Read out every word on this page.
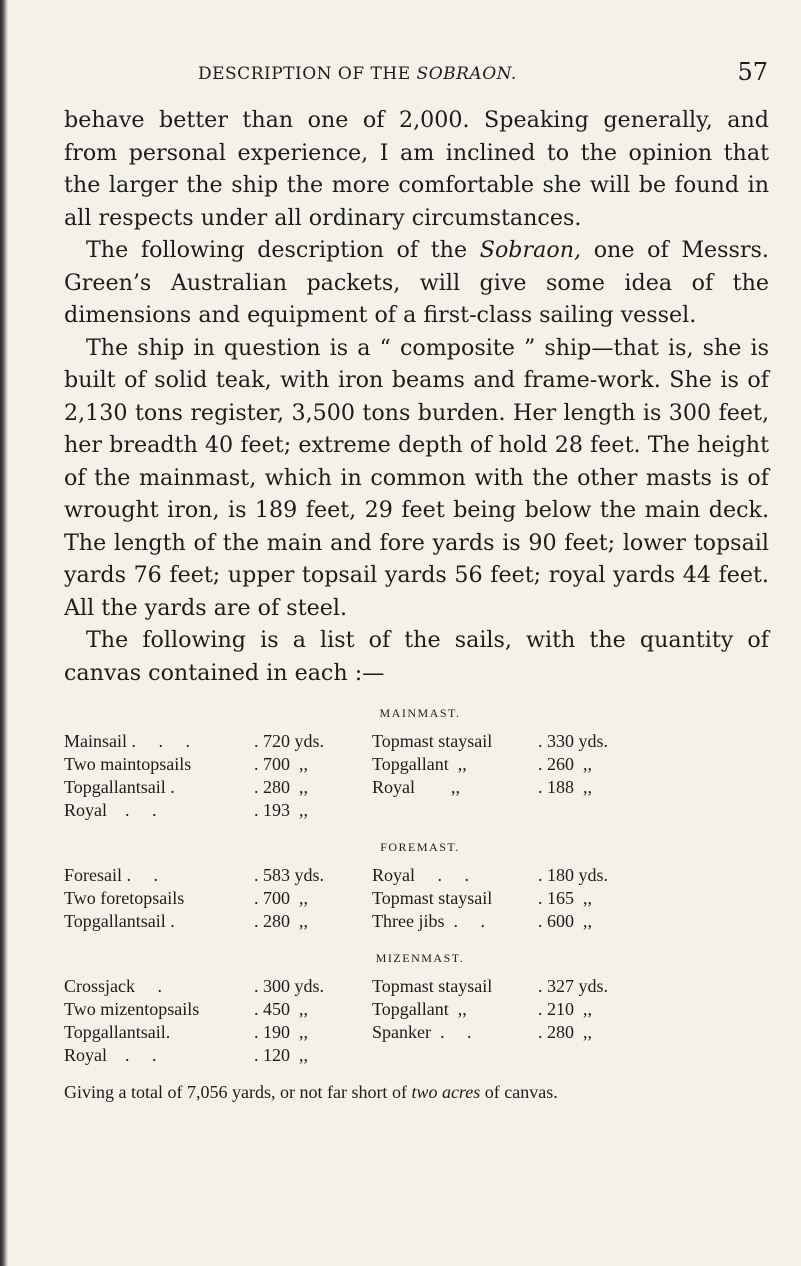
DESCRIPTION OF THE SOBRAON.	57

behave better than one of 2,000. Speaking generally, and from personal experience, I am inclined to the opinion that the larger the ship the more comfortable she will be found in all respects under all ordinary circumstances.

The following description of the Sobraon, one of Messrs. Green’s Australian packets, will give some idea of the dimensions and equipment of a first-class sailing vessel.

The ship in question is a “ composite ” ship—that is, she is built of solid teak, with iron beams and frame-work. She is of 2,130 tons register, 3,500 tons burden. Her length is 300 feet, her breadth 40 feet; extreme depth of hold 28 feet. The height of the mainmast, which in common with the other masts is of wrought iron, is 189 feet, 29 feet being below the main deck. The length of the main and fore yards is 90 feet; lower topsail yards 76 feet; upper topsail yards 56 feet; royal yards 44 feet. All the yards are of steel.

The following is a list of the sails, with the quantity of canvas contained in each :—

MAINMAST.
Mainsail .     .     .	. 720 yds.	Topmast staysail	. 330 yds.
Two maintopsails	. 700  ,,	Topgallant  ,,	. 260  ,,
Topgallantsail .	. 280  ,,	Royal        ,,	. 188  ,,
Royal    .     .	. 193  ,,
FOREMAST.
Foresail .     .	. 583 yds.	Royal     .     .	. 180 yds.
Two foretopsails	. 700  ,,	Topmast staysail	. 165  ,,
Topgallantsail .	. 280  ,,	Three jibs  .     .	. 600  ,,
MIZENMAST.
Crossjack     .	. 300 yds.	Topmast staysail	. 327 yds.
Two mizentopsails	. 450  ,,	Topgallant  ,,	. 210  ,,
Topgallantsail.	. 190  ,,	Spanker  .     .	. 280  ,,
Royal    .     .	. 120  ,,
Giving a total of 7,056 yards, or not far short of two acres of canvas.
